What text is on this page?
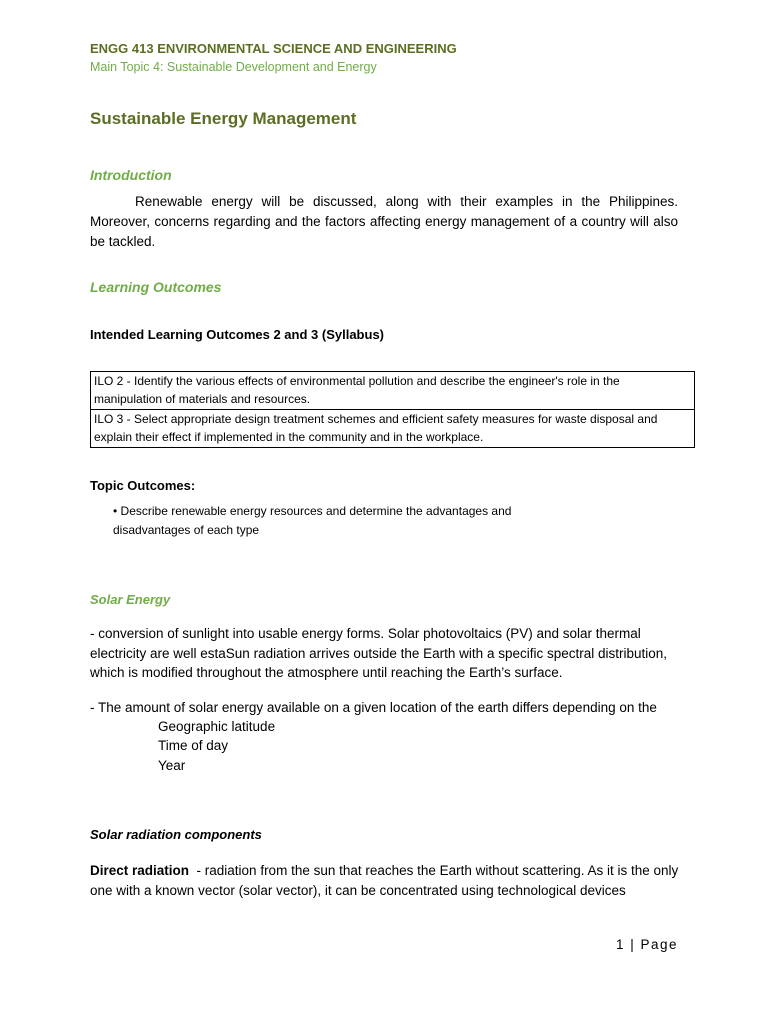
ENGG 413 ENVIRONMENTAL SCIENCE AND ENGINEERING
Main Topic 4: Sustainable Development and Energy
Sustainable Energy Management
Introduction
Renewable energy will be discussed, along with their examples in the Philippines. Moreover, concerns regarding and the factors affecting energy management of a country will also be tackled.
Learning Outcomes
Intended Learning Outcomes 2 and 3 (Syllabus)
ILO 2 - Identify the various effects of environmental pollution and describe the engineer's role in the manipulation of materials and resources.
ILO 3 - Select appropriate design treatment schemes and efficient safety measures for waste disposal and explain their effect if implemented in the community and in the workplace.
Topic Outcomes:
• Describe renewable energy resources and determine the advantages and disadvantages of each type
Solar Energy
- conversion of sunlight into usable energy forms. Solar photovoltaics (PV) and solar thermal electricity are well estaSun radiation arrives outside the Earth with a specific spectral distribution, which is modified throughout the atmosphere until reaching the Earth’s surface.
- The amount of solar energy available on a given location of the earth differs depending on the
Geographic latitude
Time of day
Year
Solar radiation components
Direct radiation  - radiation from the sun that reaches the Earth without scattering. As it is the only one with a known vector (solar vector), it can be concentrated using technological devices
1 | Page
